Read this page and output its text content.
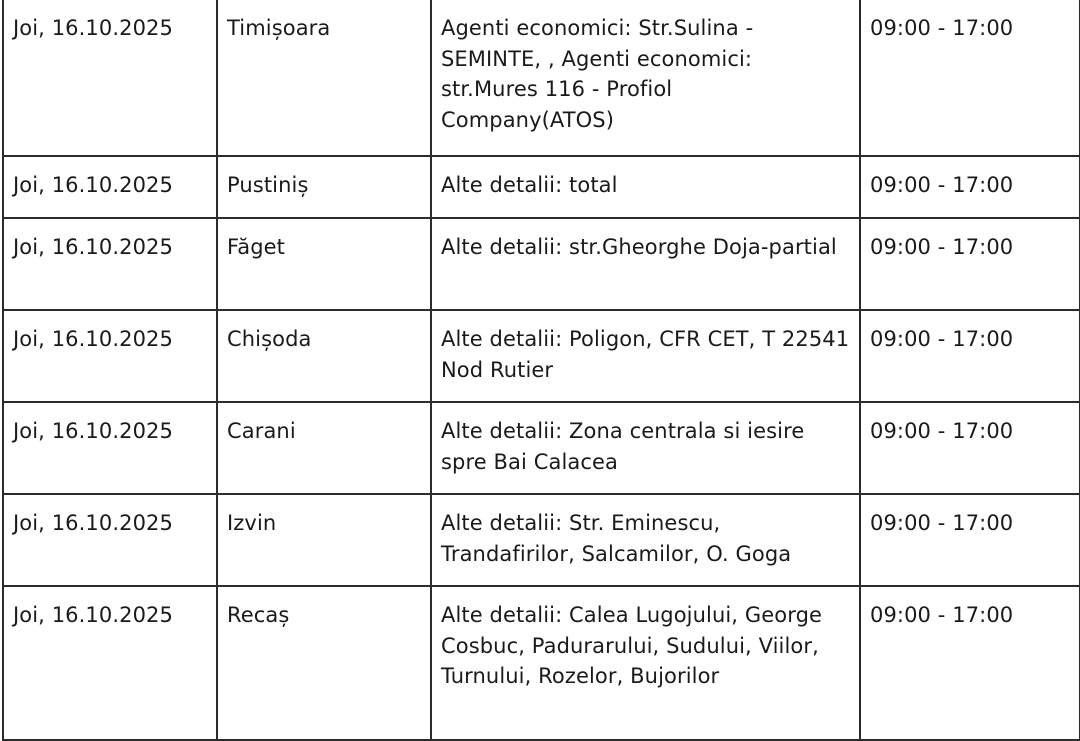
Joi, 16.10.2025	Timișoara	Agenti economici: Str.Sulina - SEMINTE, , Agenti economici: str.Mures 116 - Profiol Company(ATOS)	09:00 - 17:00

Joi, 16.10.2025	Pustiniș	Alte detalii: total	09:00 - 17:00

Joi, 16.10.2025	Făget	Alte detalii: str.Gheorghe Doja-partial	09:00 - 17:00

Joi, 16.10.2025	Chișoda	Alte detalii: Poligon, CFR CET, T 22541 Nod Rutier	09:00 - 17:00

Joi, 16.10.2025	Carani	Alte detalii: Zona centrala si iesire spre Bai Calacea	09:00 - 17:00

Joi, 16.10.2025	Izvin	Alte detalii: Str. Eminescu, Trandafirilor, Salcamilor, O. Goga	09:00 - 17:00

Joi, 16.10.2025	Recaș	Alte detalii: Calea Lugojului, George Cosbuc, Padurarului, Sudului, Viilor, Turnului, Rozelor, Bujorilor	09:00 - 17:00
